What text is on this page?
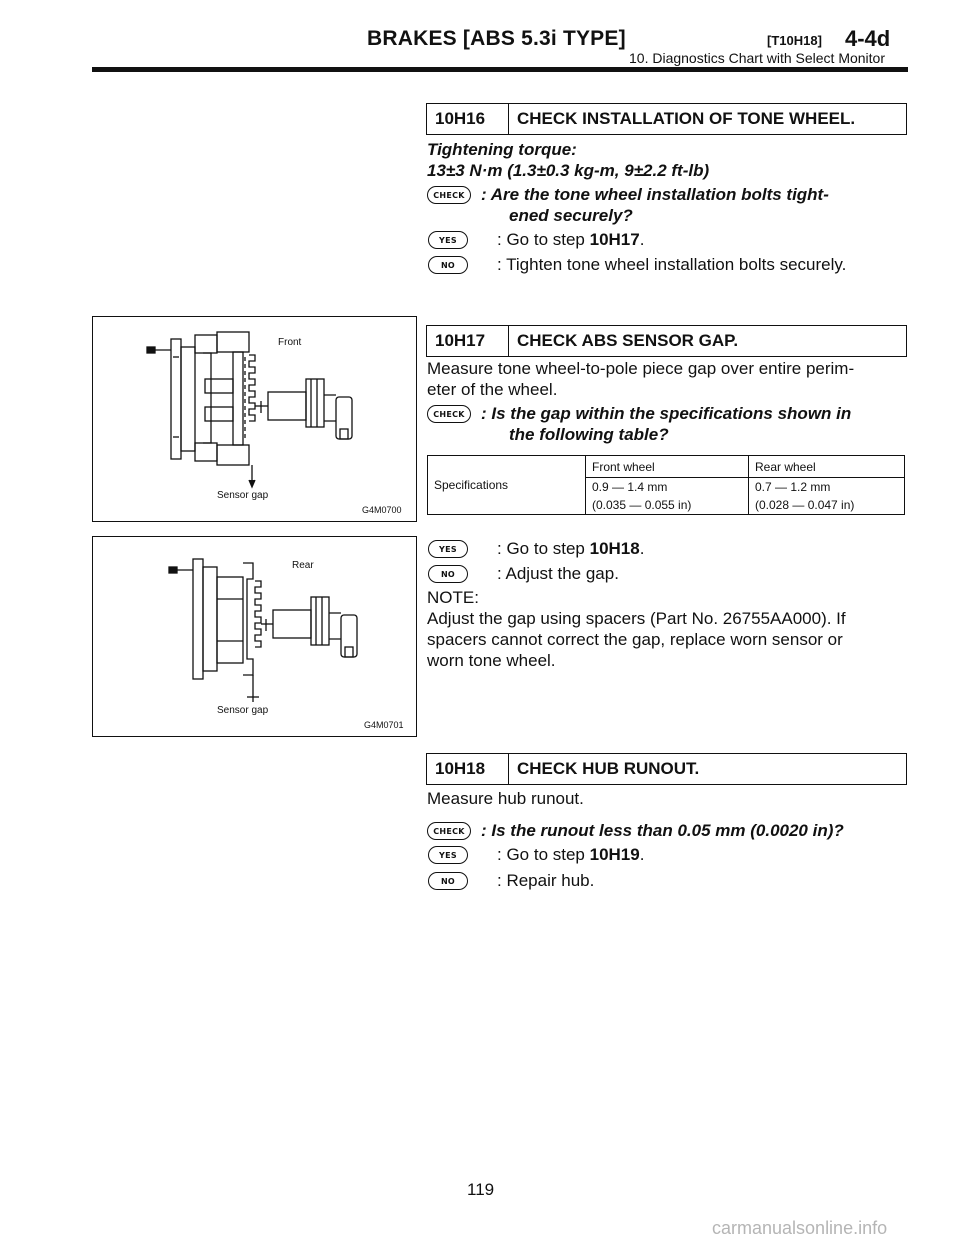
BRAKES [ABS 5.3i TYPE]	[T10H18] 4-4d
10. Diagnostics Chart with Select Monitor
10H16	CHECK INSTALLATION OF TONE WHEEL.
Tightening torque:
13±3 N·m (1.3±0.3 kg-m, 9±2.2 ft-lb)
CHECK : Are the tone wheel installation bolts tight-
ened securely?
YES	: Go to step 10H17.
NO	: Tighten tone wheel installation bolts securely.
Front
Sensor gap
G4M0700
Rear
Sensor gap
G4M0701
10H17	CHECK ABS SENSOR GAP.
Measure tone wheel-to-pole piece gap over entire perim-
eter of the wheel.
CHECK : Is the gap within the specifications shown in
the following table?
Specifications	Front wheel	Rear wheel
	0.9 — 1.4 mm	0.7 — 1.2 mm
	(0.035 — 0.055 in)	(0.028 — 0.047 in)
YES	: Go to step 10H18.
NO	: Adjust the gap.
NOTE:
Adjust the gap using spacers (Part No. 26755AA000). If
spacers cannot correct the gap, replace worn sensor or
worn tone wheel.
10H18	CHECK HUB RUNOUT.
Measure hub runout.
CHECK : Is the runout less than 0.05 mm (0.0020 in)?
YES	: Go to step 10H19.
NO	: Repair hub.
119
carmanualsonline.info
